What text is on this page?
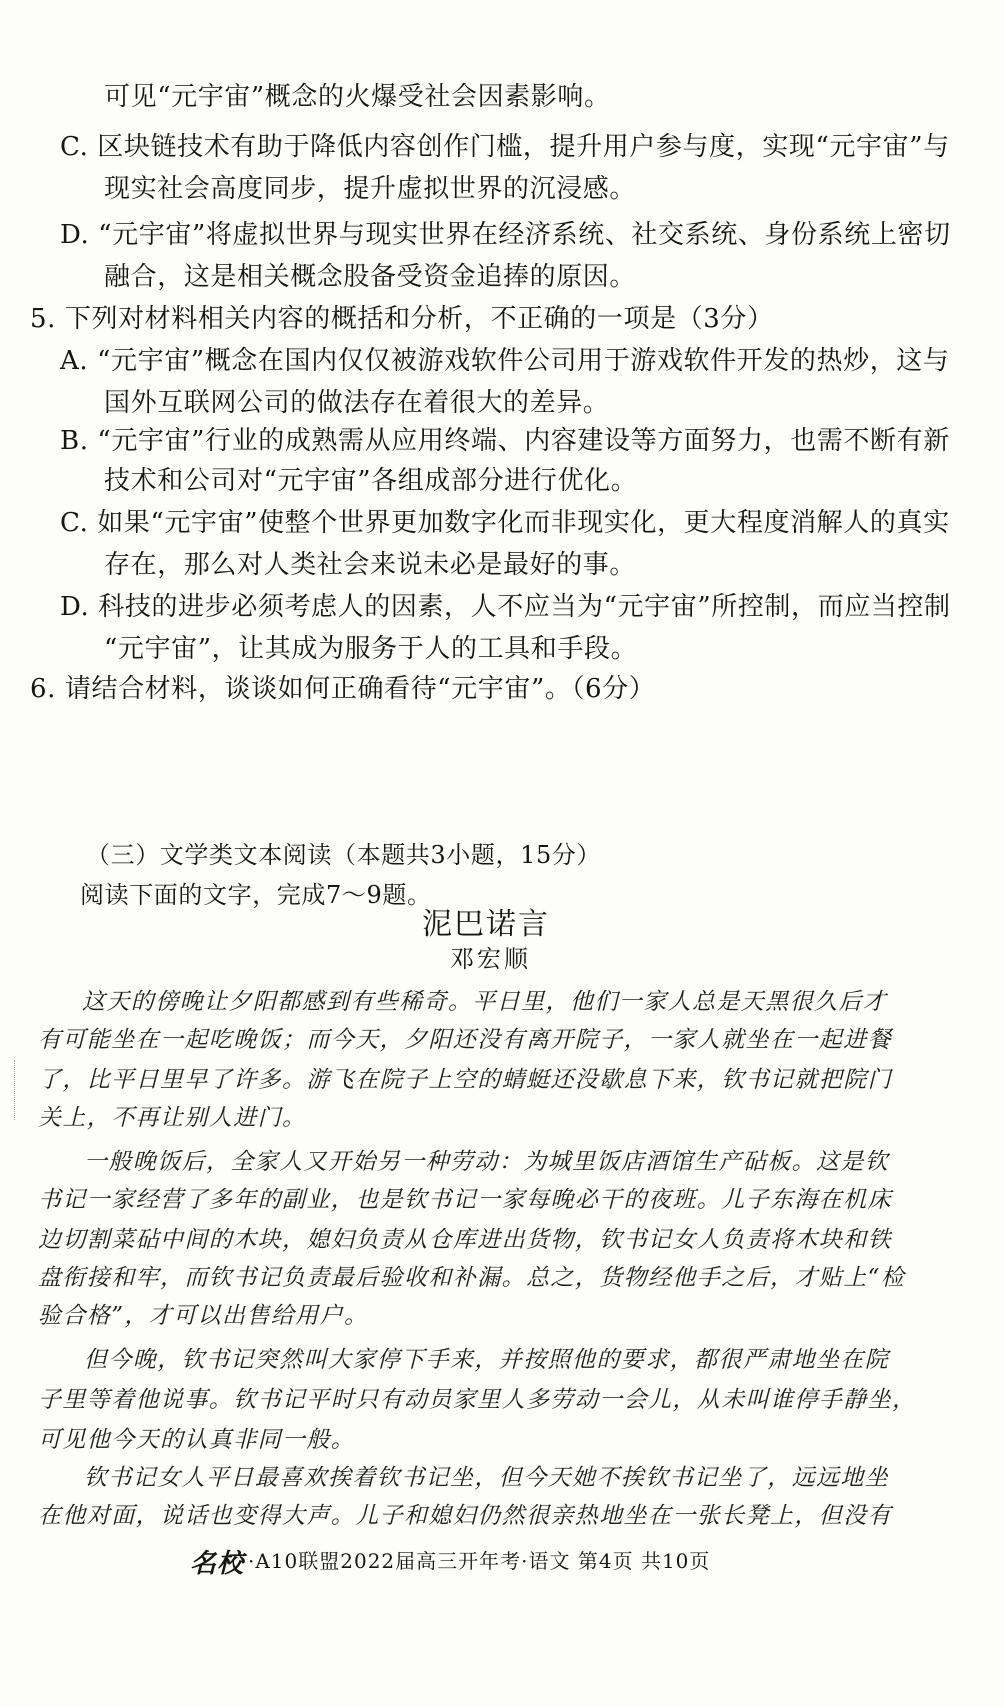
可见“元宇宙”概念的火爆受社会因素影响。
C. 区块链技术有助于降低内容创作门槛，提升用户参与度，实现“元宇宙”与
现实社会高度同步，提升虚拟世界的沉浸感。
D. “元宇宙”将虚拟世界与现实世界在经济系统、社交系统、身份系统上密切
融合，这是相关概念股备受资金追捧的原因。
5. 下列对材料相关内容的概括和分析，不正确的一项是（3分）
A. “元宇宙”概念在国内仅仅被游戏软件公司用于游戏软件开发的热炒，这与
国外互联网公司的做法存在着很大的差异。
B. “元宇宙”行业的成熟需从应用终端、内容建设等方面努力，也需不断有新
技术和公司对“元宇宙”各组成部分进行优化。
C. 如果“元宇宙”使整个世界更加数字化而非现实化，更大程度消解人的真实
存在，那么对人类社会来说未必是最好的事。
D. 科技的进步必须考虑人的因素，人不应当为“元宇宙”所控制，而应当控制
“元宇宙”，让其成为服务于人的工具和手段。
6. 请结合材料，谈谈如何正确看待“元宇宙”。（6分）
（三）文学类文本阅读（本题共3小题，15分）
阅读下面的文字，完成7～9题。
泥巴诺言
邓宏顺
这天的傍晚让夕阳都感到有些稀奇。平日里，他们一家人总是天黑很久后才
有可能坐在一起吃晚饭；而今天，夕阳还没有离开院子，一家人就坐在一起进餐
了，比平日里早了许多。游飞在院子上空的蜻蜓还没歇息下来，钦书记就把院门
关上，不再让别人进门。
一般晚饭后，全家人又开始另一种劳动：为城里饭店酒馆生产砧板。这是钦
书记一家经营了多年的副业，也是钦书记一家每晚必干的夜班。儿子东海在机床
边切割菜砧中间的木块，媳妇负责从仓库进出货物，钦书记女人负责将木块和铁
盘衔接和牢，而钦书记负责最后验收和补漏。总之，货物经他手之后，才贴上“检
验合格”，才可以出售给用户。
但今晚，钦书记突然叫大家停下手来，并按照他的要求，都很严肃地坐在院
子里等着他说事。钦书记平时只有动员家里人多劳动一会儿，从未叫谁停手静坐，
可见他今天的认真非同一般。
钦书记女人平日最喜欢挨着钦书记坐，但今天她不挨钦书记坐了，远远地坐
在他对面，说话也变得大声。儿子和媳妇仍然很亲热地坐在一张长凳上，但没有
名校 ·A10联盟2022届高三开年考·语文 第4页 共10页
